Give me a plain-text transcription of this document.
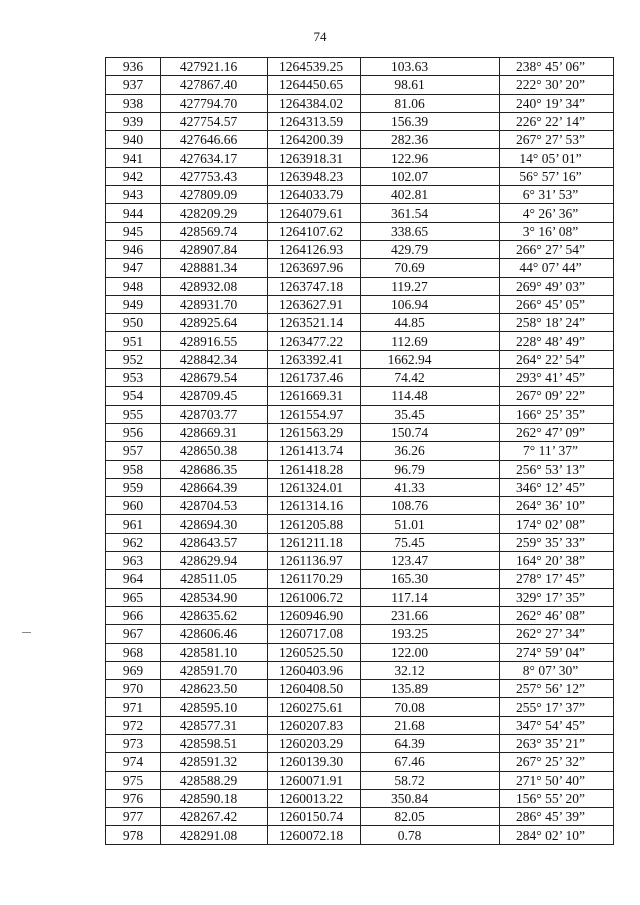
74
936	427921.16	1264539.25	103.63	238° 45’ 06”
937	427867.40	1264450.65	98.61	222° 30’ 20”
938	427794.70	1264384.02	81.06	240° 19’ 34”
939	427754.57	1264313.59	156.39	226° 22’ 14”
940	427646.66	1264200.39	282.36	267° 27’ 53”
941	427634.17	1263918.31	122.96	14° 05’ 01”
942	427753.43	1263948.23	102.07	56° 57’ 16”
943	427809.09	1264033.79	402.81	6° 31’ 53”
944	428209.29	1264079.61	361.54	4° 26’ 36”
945	428569.74	1264107.62	338.65	3° 16’ 08”
946	428907.84	1264126.93	429.79	266° 27’ 54”
947	428881.34	1263697.96	70.69	44° 07’ 44”
948	428932.08	1263747.18	119.27	269° 49’ 03”
949	428931.70	1263627.91	106.94	266° 45’ 05”
950	428925.64	1263521.14	44.85	258° 18’ 24”
951	428916.55	1263477.22	112.69	228° 48’ 49”
952	428842.34	1263392.41	1662.94	264° 22’ 54”
953	428679.54	1261737.46	74.42	293° 41’ 45”
954	428709.45	1261669.31	114.48	267° 09’ 22”
955	428703.77	1261554.97	35.45	166° 25’ 35”
956	428669.31	1261563.29	150.74	262° 47’ 09”
957	428650.38	1261413.74	36.26	7° 11’ 37”
958	428686.35	1261418.28	96.79	256° 53’ 13”
959	428664.39	1261324.01	41.33	346° 12’ 45”
960	428704.53	1261314.16	108.76	264° 36’ 10”
961	428694.30	1261205.88	51.01	174° 02’ 08”
962	428643.57	1261211.18	75.45	259° 35’ 33”
963	428629.94	1261136.97	123.47	164° 20’ 38”
964	428511.05	1261170.29	165.30	278° 17’ 45”
965	428534.90	1261006.72	117.14	329° 17’ 35”
966	428635.62	1260946.90	231.66	262° 46’ 08”
967	428606.46	1260717.08	193.25	262° 27’ 34”
968	428581.10	1260525.50	122.00	274° 59’ 04”
969	428591.70	1260403.96	32.12	8° 07’ 30”
970	428623.50	1260408.50	135.89	257° 56’ 12”
971	428595.10	1260275.61	70.08	255° 17’ 37”
972	428577.31	1260207.83	21.68	347° 54’ 45”
973	428598.51	1260203.29	64.39	263° 35’ 21”
974	428591.32	1260139.30	67.46	267° 25’ 32”
975	428588.29	1260071.91	58.72	271° 50’ 40”
976	428590.18	1260013.22	350.84	156° 55’ 20”
977	428267.42	1260150.74	82.05	286° 45’ 39”
978	428291.08	1260072.18	0.78	284° 02’ 10”
